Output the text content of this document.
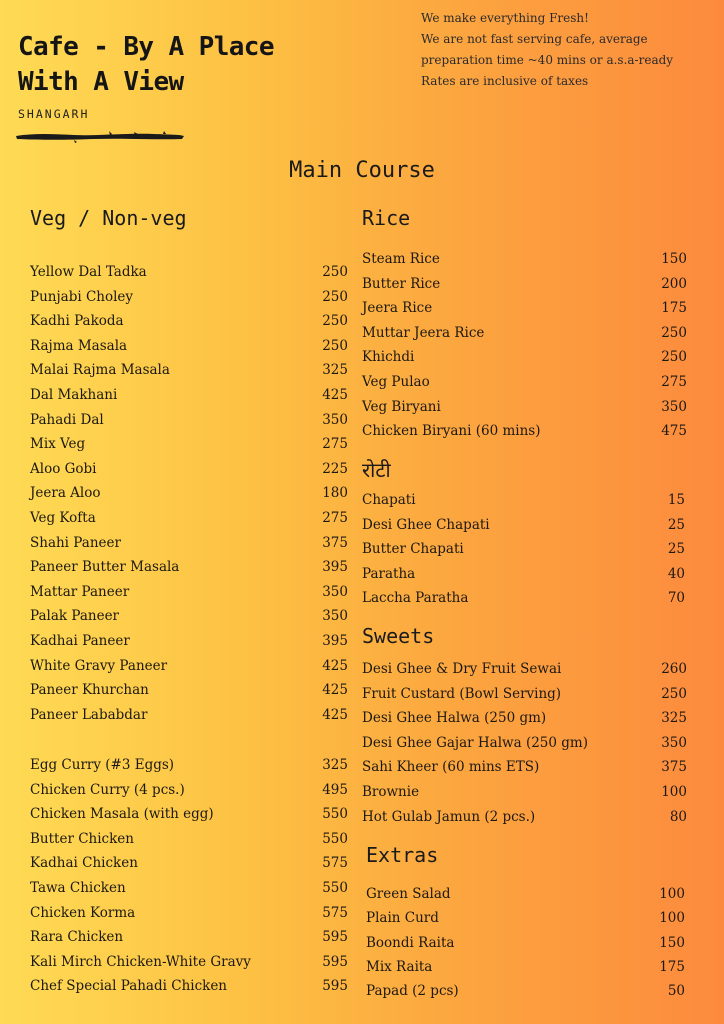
Cafe - By A Place
With A View
SHANGARH
We make everything Fresh!
We are not fast serving cafe, average
preparation time ~40 mins or a.s.a-ready
Rates are inclusive of taxes
Main Course
Veg / Non-veg	Rice
रोटी
Sweets
Extras
Yellow Dal Tadka	250
Punjabi Choley	250
Kadhi Pakoda	250
Rajma Masala	250
Malai Rajma Masala	325
Dal Makhani	425
Pahadi Dal	350
Mix Veg	275
Aloo Gobi	225
Jeera Aloo	180
Veg Kofta	275
Shahi Paneer	375
Paneer Butter Masala	395
Mattar Paneer	350
Palak Paneer	350
Kadhai Paneer	395
White Gravy Paneer	425
Paneer Khurchan	425
Paneer Lababdar	425
Egg Curry (#3 Eggs)	325
Chicken Curry (4 pcs.)	495
Chicken Masala (with egg)	550
Butter Chicken	550
Kadhai Chicken	575
Tawa Chicken	550
Chicken Korma	575
Rara Chicken	595
Kali Mirch Chicken-White Gravy	595
Chef Special Pahadi Chicken	595
Steam Rice	150
Butter Rice	200
Jeera Rice	175
Muttar Jeera Rice	250
Khichdi	250
Veg Pulao	275
Veg Biryani	350
Chicken Biryani (60 mins)	475
Chapati	15
Desi Ghee Chapati	25
Butter Chapati	25
Paratha	40
Laccha Paratha	70
Desi Ghee & Dry Fruit Sewai	260
Fruit Custard (Bowl Serving)	250
Desi Ghee Halwa (250 gm)	325
Desi Ghee Gajar Halwa (250 gm)	350
Sahi Kheer (60 mins ETS)	375
Brownie	100
Hot Gulab Jamun (2 pcs.)	80
Green Salad	100
Plain Curd	100
Boondi Raita	150
Mix Raita	175
Papad (2 pcs)	50
